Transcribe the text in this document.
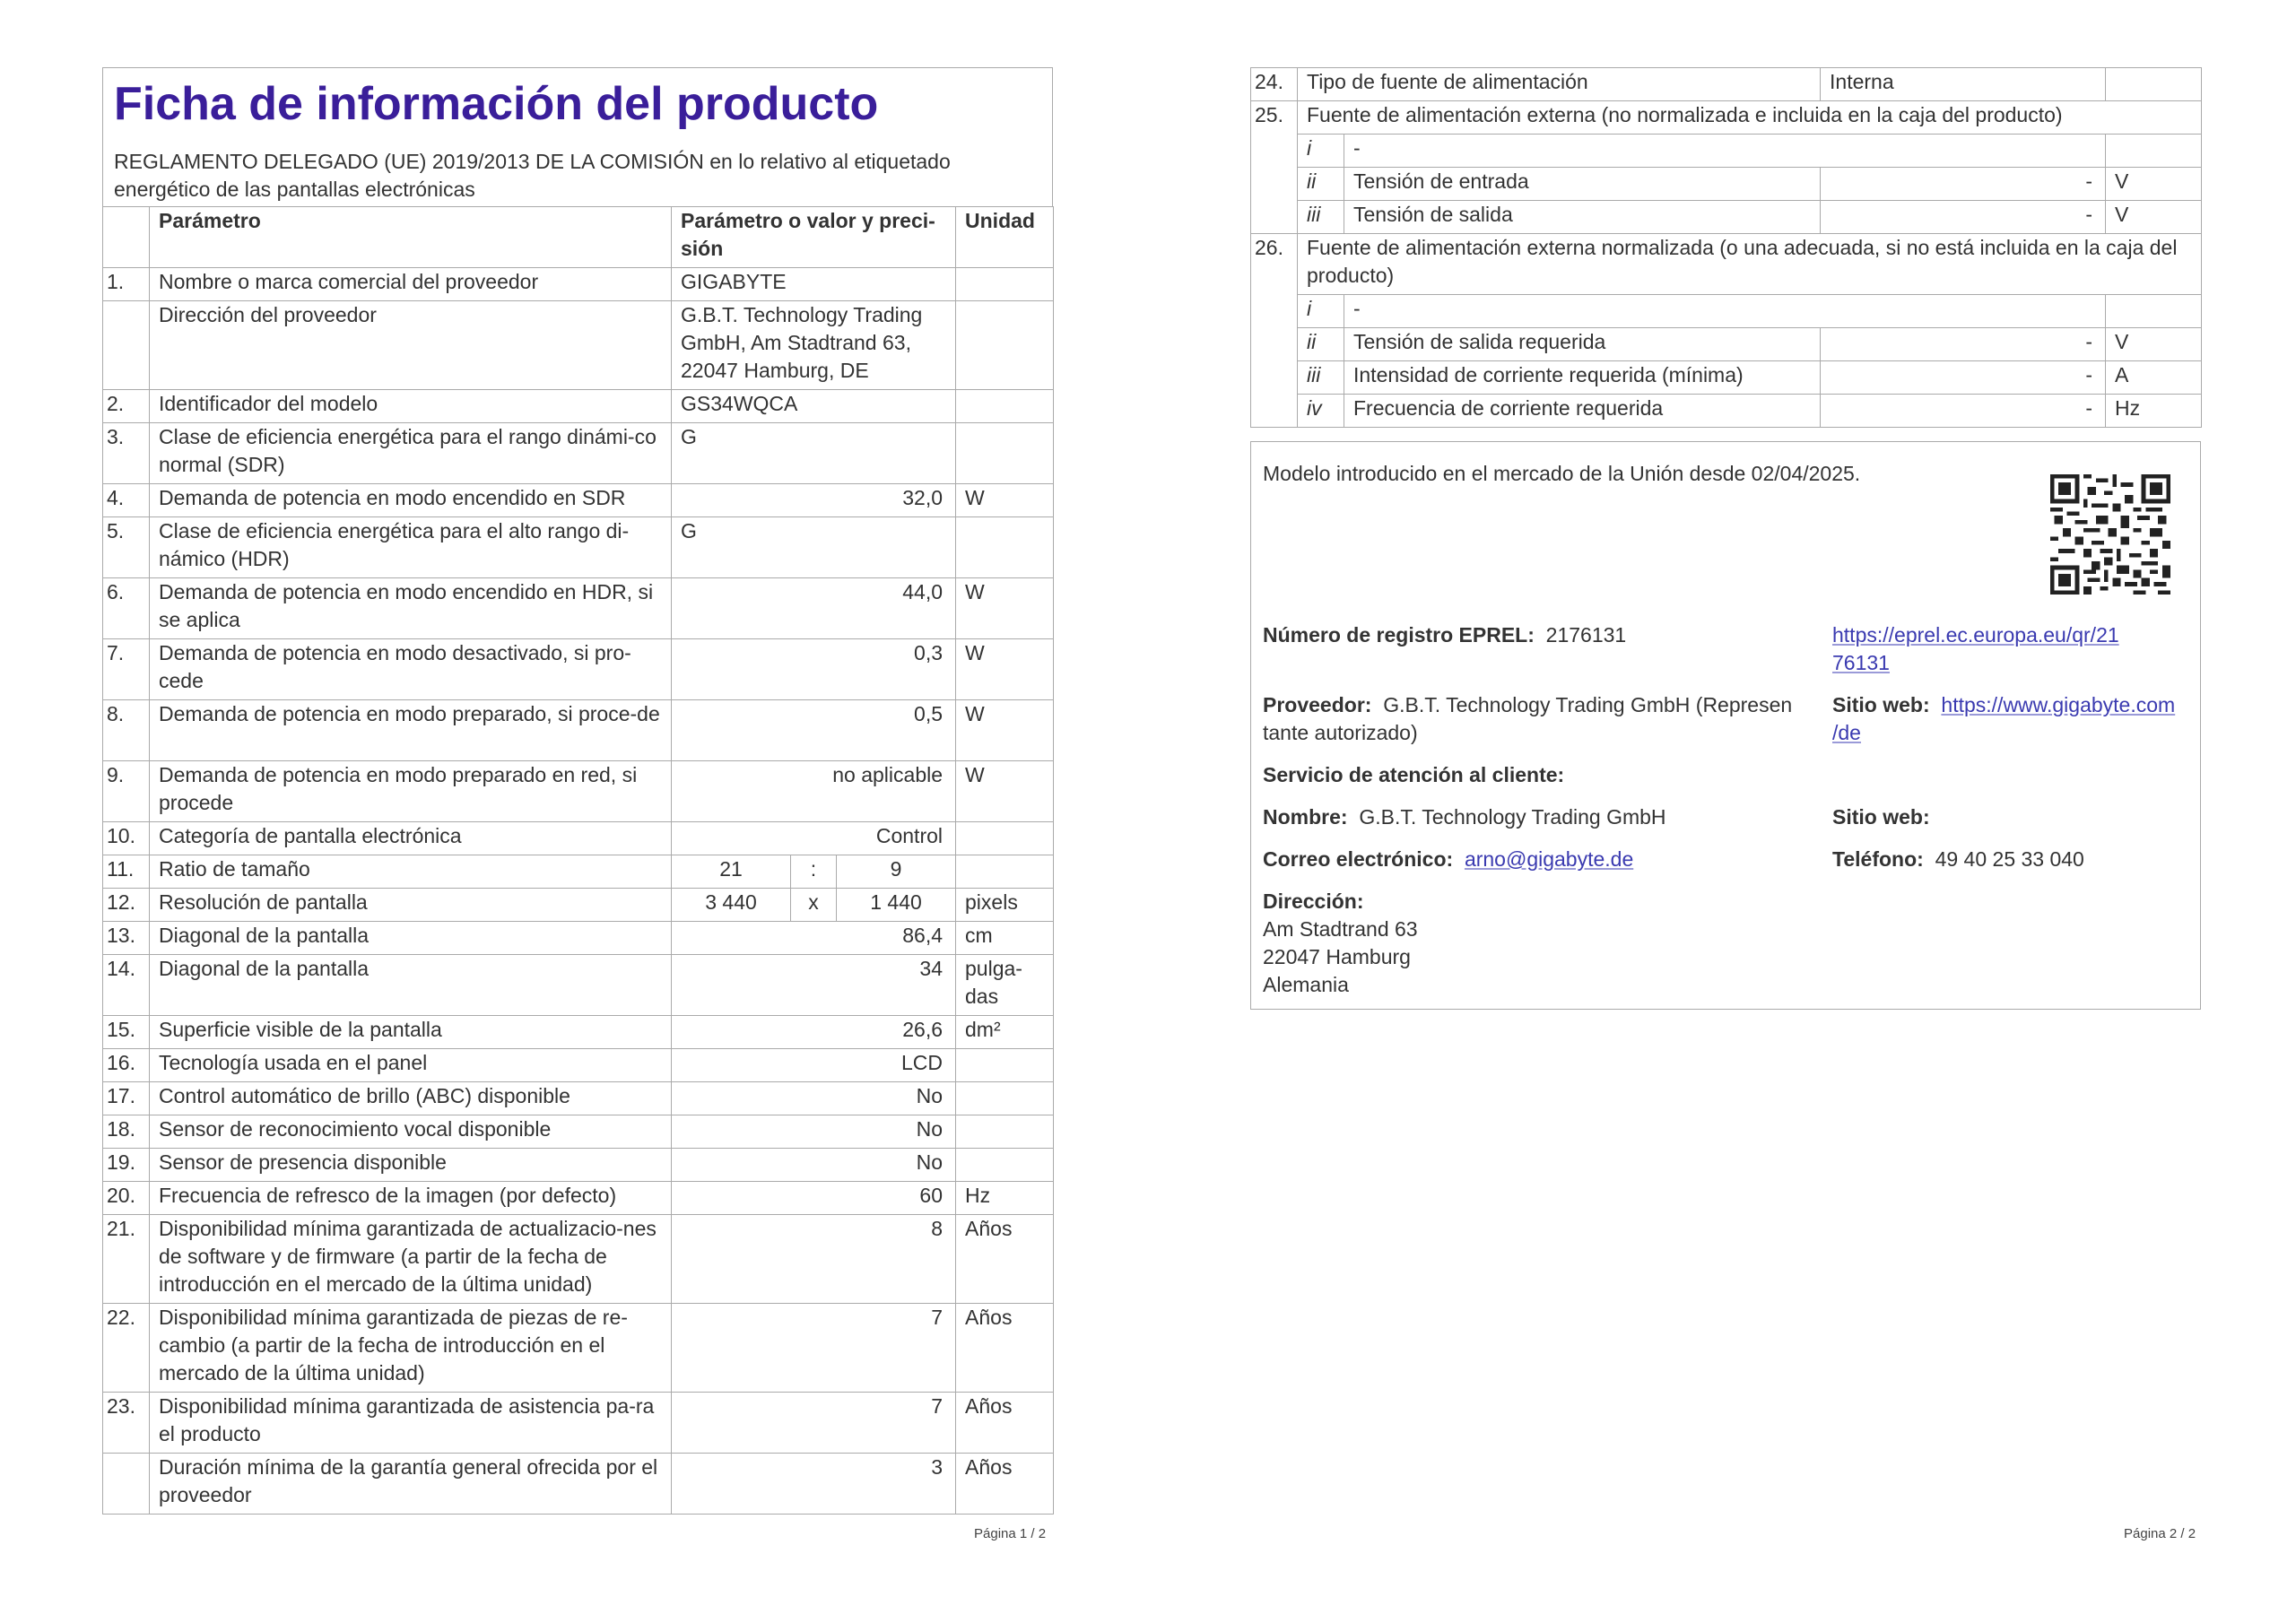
Ficha de información del producto
REGLAMENTO DELEGADO (UE) 2019/2013 DE LA COMISIÓN en lo relativo al etiquetado energético de las pantallas electrónicas
	Parámetro	Parámetro o valor y preci-
sión			Unidad
1.	Nombre o marca comercial del proveedor	GIGABYTE			
	Dirección del proveedor	G.B.T. Technology Trading GmbH, Am Stadtrand 63, 22047 Hamburg, DE			
2.	Identificador del modelo	GS34WQCA			
3.	Clase de eficiencia energética para el rango dinámi-co normal (SDR)	G			
4.	Demanda de potencia en modo encendido en SDR	32,0			W
5.	Clase de eficiencia energética para el alto rango di-námico (HDR)	G			
6.	Demanda de potencia en modo encendido en HDR, si se aplica	44,0			W
7.	Demanda de potencia en modo desactivado, si pro-cede	0,3			W
8.	Demanda de potencia en modo preparado, si proce-de	0,5			W
9.	Demanda de potencia en modo preparado en red, si procede	no aplicable			W
10.	Categoría de pantalla electrónica	Control			
11.	Ratio de tamaño	21	:	9	
12.	Resolución de pantalla	3 440	x	1 440	pixels
13.	Diagonal de la pantalla	86,4			cm
14.	Diagonal de la pantalla	34			pulga-das
15.	Superficie visible de la pantalla	26,6			dm²
16.	Tecnología usada en el panel	LCD			
17.	Control automático de brillo (ABC) disponible	No			
18.	Sensor de reconocimiento vocal disponible	No			
19.	Sensor de presencia disponible	No			
20.	Frecuencia de refresco de la imagen (por defecto)	60			Hz
21.	Disponibilidad mínima garantizada de actualizacio-nes de software y de firmware (a partir de la fecha de introducción en el mercado de la última unidad)	8			Años
22.	Disponibilidad mínima garantizada de piezas de re-cambio (a partir de la fecha de introducción en el mercado de la última unidad)	7			Años
23.	Disponibilidad mínima garantizada de asistencia pa-ra el producto	7			Años
	Duración mínima de la garantía general ofrecida por el proveedor	3			Años
Página 1 / 2
24.	Tipo de fuente de alimentación		Interna	
25.	Fuente de alimentación externa (no normalizada e incluida en la caja del producto)			
	i	-		
	ii	Tensión de entrada	-	V
	iii	Tensión de salida	-	V
26.	Fuente de alimentación externa normalizada (o una adecuada, si no está incluida en la caja del producto)			
	i	-		
	ii	Tensión de salida requerida	-	V
	iii	Intensidad de corriente requerida (mínima)	-	A
	iv	Frecuencia de corriente requerida	-	Hz
Modelo introducido en el mercado de la Unión desde 02/04/2025.
Número de registro EPREL: 2176131	https://eprel.ec.europa.eu/qr/21
76131
Proveedor: G.B.T. Technology Trading GmbH (Represen
tante autorizado)
Sitio web: https://www.gigabyte.com
/de
Servicio de atención al cliente:
Nombre: G.B.T. Technology Trading GmbH	Sitio web:
Correo electrónico: arno@gigabyte.de	Teléfono: 49 40 25 33 040
Dirección:
Am Stadtrand 63
22047 Hamburg
Alemania
Página 2 / 2
